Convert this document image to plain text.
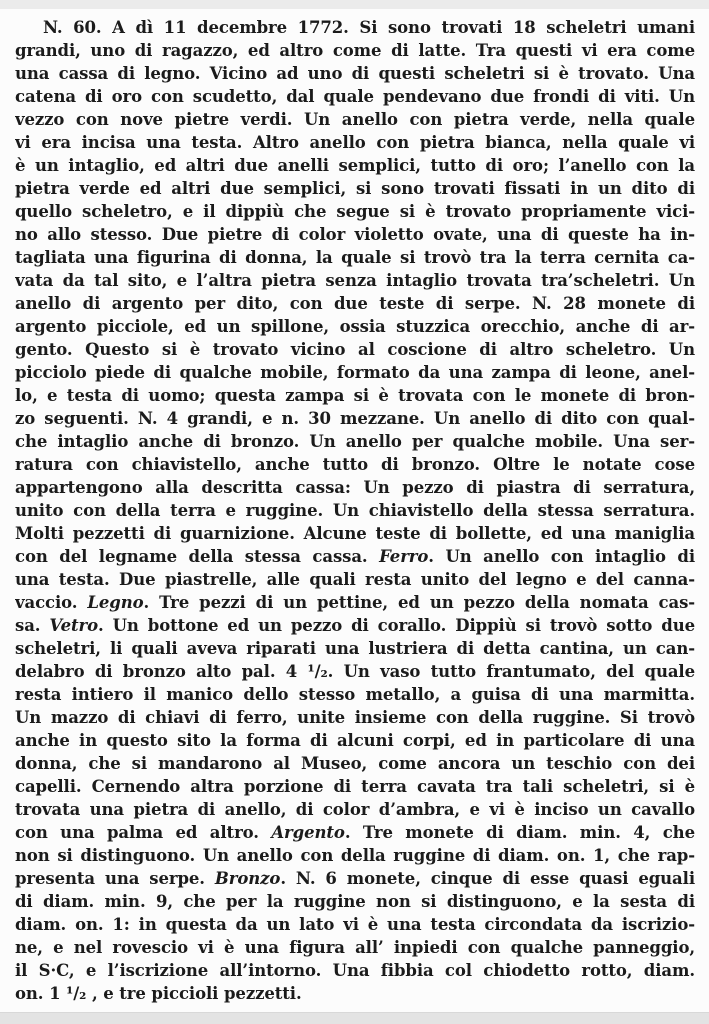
N. 60. A dì 11 decembre 1772. Si sono trovati 18 scheletri umani
grandi, uno di ragazzo, ed altro come di latte. Tra questi vi era come
una cassa di legno. Vicino ad uno di questi scheletri si è trovato. Una
catena di oro con scudetto, dal quale pendevano due frondi di viti. Un
vezzo con nove pietre verdi. Un anello con pietra verde, nella quale
vi era incisa una testa. Altro anello con pietra bianca, nella quale vi
è un intaglio, ed altri due anelli semplici, tutto di oro; l’anello con la
pietra verde ed altri due semplici, si sono trovati fissati in un dito di
quello scheletro, e il dippiù che segue si è trovato propriamente vici-
no allo stesso. Due pietre di color violetto ovate, una di queste ha in-
tagliata una figurina di donna, la quale si trovò tra la terra cernita ca-
vata da tal sito, e l’altra pietra senza intaglio trovata tra’scheletri. Un
anello di argento per dito, con due teste di serpe. N. 28 monete di
argento picciole, ed un spillone, ossia stuzzica orecchio, anche di ar-
gento. Questo si è trovato vicino al coscione di altro scheletro. Un
picciolo piede di qualche mobile, formato da una zampa di leone, anel-
lo, e testa di uomo; questa zampa si è trovata con le monete di bron-
zo seguenti. N. 4 grandi, e n. 30 mezzane. Un anello di dito con qual-
che intaglio anche di bronzo. Un anello per qualche mobile. Una ser-
ratura con chiavistello, anche tutto di bronzo. Oltre le notate cose
appartengono alla descritta cassa: Un pezzo di piastra di serratura,
unito con della terra e ruggine. Un chiavistello della stessa serratura.
Molti pezzetti di guarnizione. Alcune teste di bollette, ed una maniglia
con del legname della stessa cassa. Ferro. Un anello con intaglio di
una testa. Due piastrelle, alle quali resta unito del legno e del canna-
vaccio. Legno. Tre pezzi di un pettine, ed un pezzo della nomata cas-
sa. Vetro. Un bottone ed un pezzo di corallo. Dippiù si trovò sotto due
scheletri, li quali aveva riparati una lustriera di detta cantina, un can-
delabro di bronzo alto pal. 4 ¹/₂. Un vaso tutto frantumato, del quale
resta intiero il manico dello stesso metallo, a guisa di una marmitta.
Un mazzo di chiavi di ferro, unite insieme con della ruggine. Si trovò
anche in questo sito la forma di alcuni corpi, ed in particolare di una
donna, che si mandarono al Museo, come ancora un teschio con dei
capelli. Cernendo altra porzione di terra cavata tra tali scheletri, si è
trovata una pietra di anello, di color d’ambra, e vi è inciso un cavallo
con una palma ed altro. Argento. Tre monete di diam. min. 4, che
non si distinguono. Un anello con della ruggine di diam. on. 1, che rap-
presenta una serpe. Bronzo. N. 6 monete, cinque di esse quasi eguali
di diam. min. 9, che per la ruggine non si distinguono, e la sesta di
diam. on. 1: in questa da un lato vi è una testa circondata da iscrizio-
ne, e nel rovescio vi è una figura all’ inpiedi con qualche panneggio,
il S·C, e l’iscrizione all’intorno. Una fibbia col chiodetto rotto, diam.
on. 1 ¹/₂ , e tre piccioli pezzetti.
